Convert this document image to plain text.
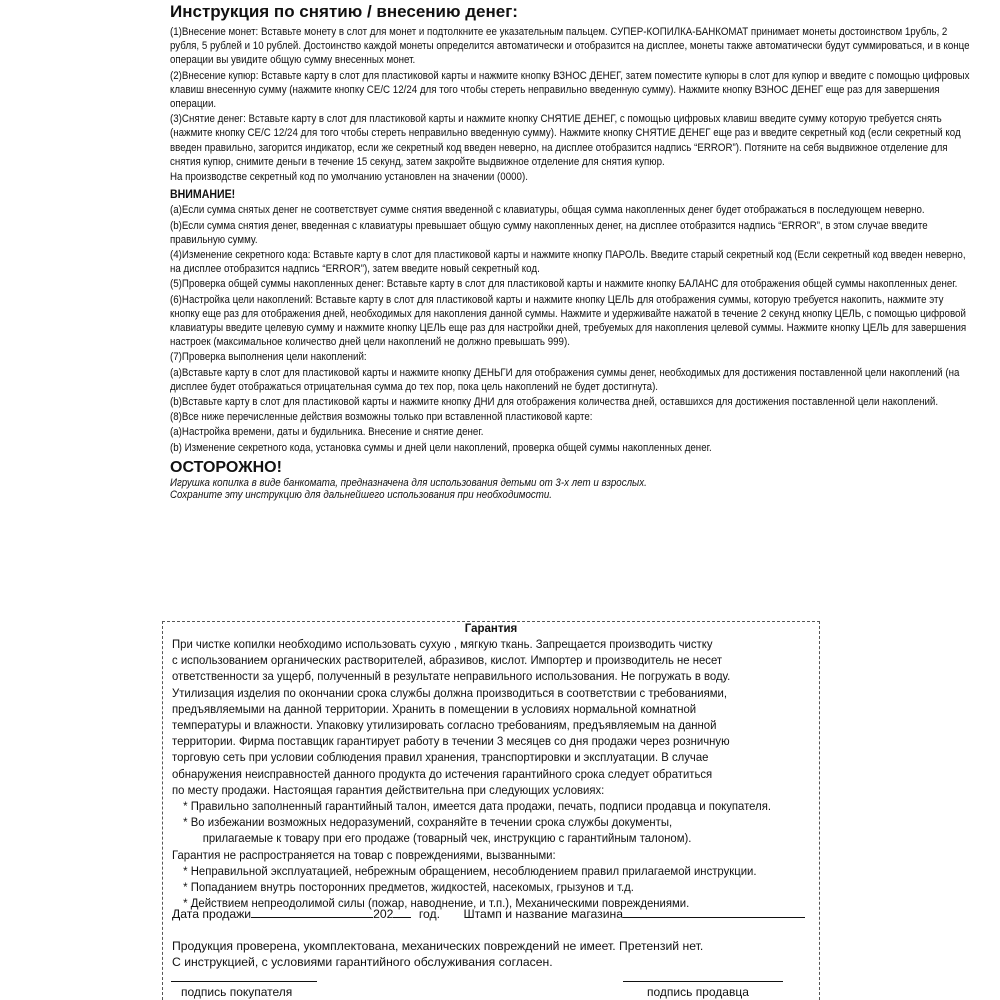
Инструкция по снятию / внесению денег:

(1)Внесение монет: Вставьте монету в слот для монет и подтолкните ее указательным пальцем. СУПЕР-КОПИЛКА-БАНКОМАТ принимает монеты достоинством 1рубль, 2 рубля, 5 рублей и 10 рублей. Достоинство каждой монеты определится автоматически и отобразится на дисплее, монеты также автоматически будут суммироваться, и в конце операции вы увидите общую сумму внесенных монет.

(2)Внесение купюр: Вставьте карту в слот для пластиковой карты и нажмите кнопку ВЗНОС ДЕНЕГ, затем поместите купюры в слот для купюр и введите с помощью цифровых клавиш внесенную сумму (нажмите кнопку CE/C 12/24 для того чтобы стереть неправильно введенную сумму). Нажмите кнопку ВЗНОС ДЕНЕГ еще раз для завершения операции.

(3)Снятие денег: Вставьте карту в слот для пластиковой карты и нажмите кнопку СНЯТИЕ ДЕНЕГ, с помощью цифровых клавиш введите сумму которую требуется снять (нажмите кнопку CE/C 12/24 для того чтобы стереть неправильно введенную сумму). Нажмите кнопку СНЯТИЕ ДЕНЕГ еще раз и введите секретный код (если секретный код введен правильно, загорится индикатор, если же секретный код введен неверно, на дисплее отобразится надпись “ERROR”). Потяните на себя выдвижное отделение для снятия купюр, снимите деньги в течение 15 секунд, затем закройте выдвижное отделение для снятия купюр.

На производстве секретный код по умолчанию установлен на значении (0000).

ВНИМАНИЕ!

(a)Если сумма снятых денег не соответствует сумме снятия введенной с клавиатуры, общая сумма накопленных денег будет отображаться в последующем неверно.

(b)Если сумма снятия денег, введенная с клавиатуры превышает общую сумму накопленных денег, на дисплее отобразится надпись “ERROR”, в этом случае введите правильную сумму.

(4)Изменение секретного кода: Вставьте карту в слот для пластиковой карты и нажмите кнопку ПАРОЛЬ. Введите старый секретный код (Если секретный код введен неверно, на дисплее отобразится надпись “ERROR”), затем введите новый секретный код.

(5)Проверка общей суммы накопленных денег: Вставьте карту в слот для пластиковой карты и нажмите кнопку БАЛАНС для отображения общей суммы накопленных денег.

(6)Настройка цели накоплений: Вставьте карту в слот для пластиковой карты и нажмите кнопку ЦЕЛЬ для отображения суммы, которую требуется накопить, нажмите эту кнопку еще раз для отображения дней, необходимых для накопления данной суммы. Нажмите и удерживайте нажатой в течение 2 секунд кнопку ЦЕЛЬ, с помощью цифровой клавиатуры введите целевую сумму и нажмите кнопку ЦЕЛЬ еще раз для настройки дней, требуемых для накопления целевой суммы. Нажмите кнопку ЦЕЛЬ для завершения настроек (максимальное количество дней цели накоплений не должно превышать 999).

(7)Проверка выполнения цели накоплений:

(a)Вставьте карту в слот для пластиковой карты и нажмите кнопку ДЕНЬГИ для отображения суммы денег, необходимых для достижения поставленной цели накоплений (на дисплее будет отображаться отрицательная сумма до тех пор, пока цель накоплений не будет достигнута).

(b)Вставьте карту в слот для пластиковой карты и нажмите кнопку ДНИ для отображения количества дней, оставшихся для достижения поставленной цели накоплений.

(8)Все ниже перечисленные действия возможны только при вставленной пластиковой карте:

(a)Настройка времени, даты и будильника. Внесение и снятие денег.

(b) Изменение секретного кода, установка суммы и дней цели накоплений, проверка общей суммы накопленных денег.

ОСТОРОЖНО!

Игрушка копилка в виде банкомата, предназначена для использования детьми от 3-х лет и взрослых.

Сохраните эту инструкцию для дальнейшего использования при необходимости.

Гарантия

При чистке копилки необходимо использовать сухую , мягкую ткань. Запрещается производить чистку

с использованием органических растворителей, абразивов, кислот. Импортер и производитель не несет

ответственности за ущерб, полученный в результате неправильного использования. Не погружать в воду.

Утилизация изделия по окончании срока службы должна производиться в соответствии с требованиями,

предъявляемыми на данной территории. Хранить в помещении в условиях нормальной комнатной

температуры и влажности. Упаковку утилизировать согласно требованиям, предъявляемым на данной

территории. Фирма поставщик гарантирует работу в течении 3 месяцев со дня продажи через розничную

торговую сеть при условии соблюдения правил хранения, транспортировки и эксплуатации. В случае

обнаружения неисправностей данного продукта до истечения гарантийного срока следует обратиться

по месту продажи. Настоящая гарантия действительна при следующих условиях:

* Правильно заполненный гарантийный талон, имеется дата продажи, печать, подписи продавца и покупателя.

* Во избежании возможных недоразумений, сохраняйте в течении срока службы документы,

прилагаемые к товару при его продаже (товарный чек, инструкцию с гарантийным талоном).

Гарантия не распространяется на товар с повреждениями, вызванными:

* Неправильной эксплуатацией, небрежным обращением, несоблюдением правил прилагаемой инструкции.

* Попаданием внутрь посторонних предметов, жидкостей, насекомых, грызунов и т.д.

* Действием непреодолимой силы (пожар, наводнение, и т.п.), Механическими повреждениями.

Дата продажи	202 год. Штамп и название магазина

Продукция проверена, укомплектована, механических повреждений не имеет. Претензий нет.

С инструкцией, с условиями гарантийного обслуживания согласен.

подпись покупателя	подпись продавца
